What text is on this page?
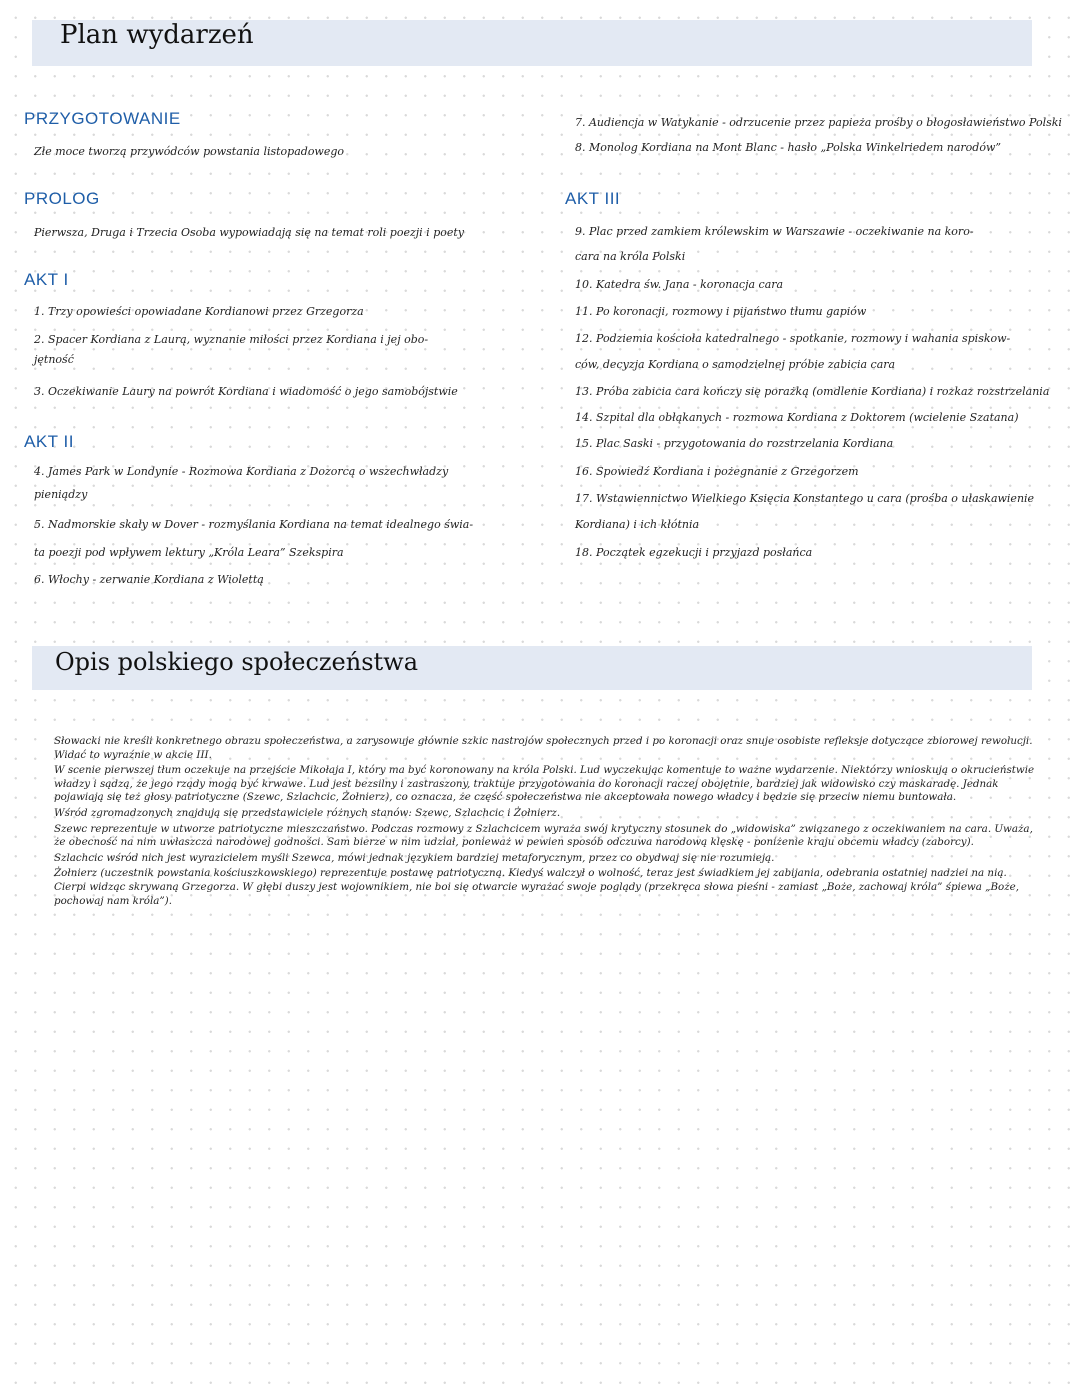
Plan wydarzeń
PRZYGOTOWANIE
Złe moce tworzą przywódców powstania listopadowego
PROLOG
Pierwsza, Druga i Trzecia Osoba wypowiadają się na temat roli poezji i poety
AKT I
1. Trzy opowieści opowiadane Kordianowi przez Grzegorza
2. Spacer Kordiana z Laurą, wyznanie miłości przez Kordiana i jej obo-
jętność
3. Oczekiwanie Laury na powrót Kordiana i wiadomość o jego samobójstwie
AKT II
4. James Park w Londynie - Rozmowa Kordiana z Dozorcą o wszechwładzy
pieniądzy
5. Nadmorskie skały w Dover - rozmyślania Kordiana na temat idealnego świa-
ta poezji pod wpływem lektury „Króla Leara” Szekspira
6. Włochy - zerwanie Kordiana z Wiolettą
7. Audiencja w Watykanie - odrzucenie przez papieża prośby o błogosławieństwo Polski
8. Monolog Kordiana na Mont Blanc - hasło „Polska Winkelriedem narodów”
AKT III
9. Plac przed zamkiem królewskim w Warszawie - oczekiwanie na koro-
cara na króla Polski
10. Katedra św. Jana - koronacja cara
11. Po koronacji, rozmowy i pijaństwo tłumu gapiów
12. Podziemia kościoła katedralnego - spotkanie, rozmowy i wahania spiskow-
ców, decyzja Kordiana o samodzielnej próbie zabicia cara
13. Próba zabicia cara kończy się porażką (omdlenie Kordiana) i rozkaz rozstrzelania
14. Szpital dla obłąkanych - rozmowa Kordiana z Doktorem (wcielenie Szatana)
15. Plac Saski - przygotowania do rozstrzelania Kordiana
16. Spowiedź Kordiana i pożegnanie z Grzegorzem
17. Wstawiennictwo Wielkiego Księcia Konstantego u cara (prośba o ułaskawienie
Kordiana) i ich kłótnia
18. Początek egzekucji i przyjazd posłańca
Opis polskiego społeczeństwa

Słowacki nie kreśli konkretnego obrazu społeczeństwa, a zarysowuje głównie szkic nastrojów społecznych przed i po koronacji oraz snuje osobiste refleksje dotyczące zbiorowej rewolucji. Widać to wyraźnie w akcie III.

W scenie pierwszej tłum oczekuje na przejście Mikołaja I, który ma być koronowany na króla Polski. Lud wyczekując komentuje to ważne wydarzenie. Niektórzy wnioskują o okrucieństwie władzy i sądzą, że jego rządy mogą być krwawe. Lud jest bezsilny i zastraszony, traktuje przygotowania do koronacji raczej obojętnie, bardziej jak widowisko czy maskaradę. Jednak pojawiają się też głosy patriotyczne (Szewc, Szlachcic, Żołnierz), co oznacza, że część społeczeństwa nie akceptowała nowego władcy i będzie się przeciw niemu buntowała.

Wśród zgromadzonych znajdują się przedstawiciele różnych stanów: Szewc, Szlachcic i Żołnierz.

Szewc reprezentuje w utworze patriotyczne mieszczaństwo. Podczas rozmowy z Szlachcicem wyraża swój krytyczny stosunek do „widowiska” związanego z oczekiwaniem na cara. Uważa, że obecność na nim uwłaszcza narodowej godności. Sam bierze w nim udział, ponieważ w pewien sposób odczuwa narodową klęskę - poniżenie kraju obcemu władcy (zaborcy).

Szlachcic wśród nich jest wyrazicielem myśli Szewca, mówi jednak językiem bardziej metaforycznym, przez co obydwaj się nie rozumieją.

Żołnierz (uczestnik powstania kościuszkowskiego) reprezentuje postawę patriotyczną. Kiedyś walczył o wolność, teraz jest świadkiem jej zabijania, odebrania ostatniej nadziei na nią. Cierpi widząc skrywaną Grzegorza. W głębi duszy jest wojownikiem, nie boi się otwarcie wyrażać swoje poglądy (przekręca słowa pieśni - zamiast „Boże, zachowaj króla” śpiewa „Boże, pochowaj nam króla”).
